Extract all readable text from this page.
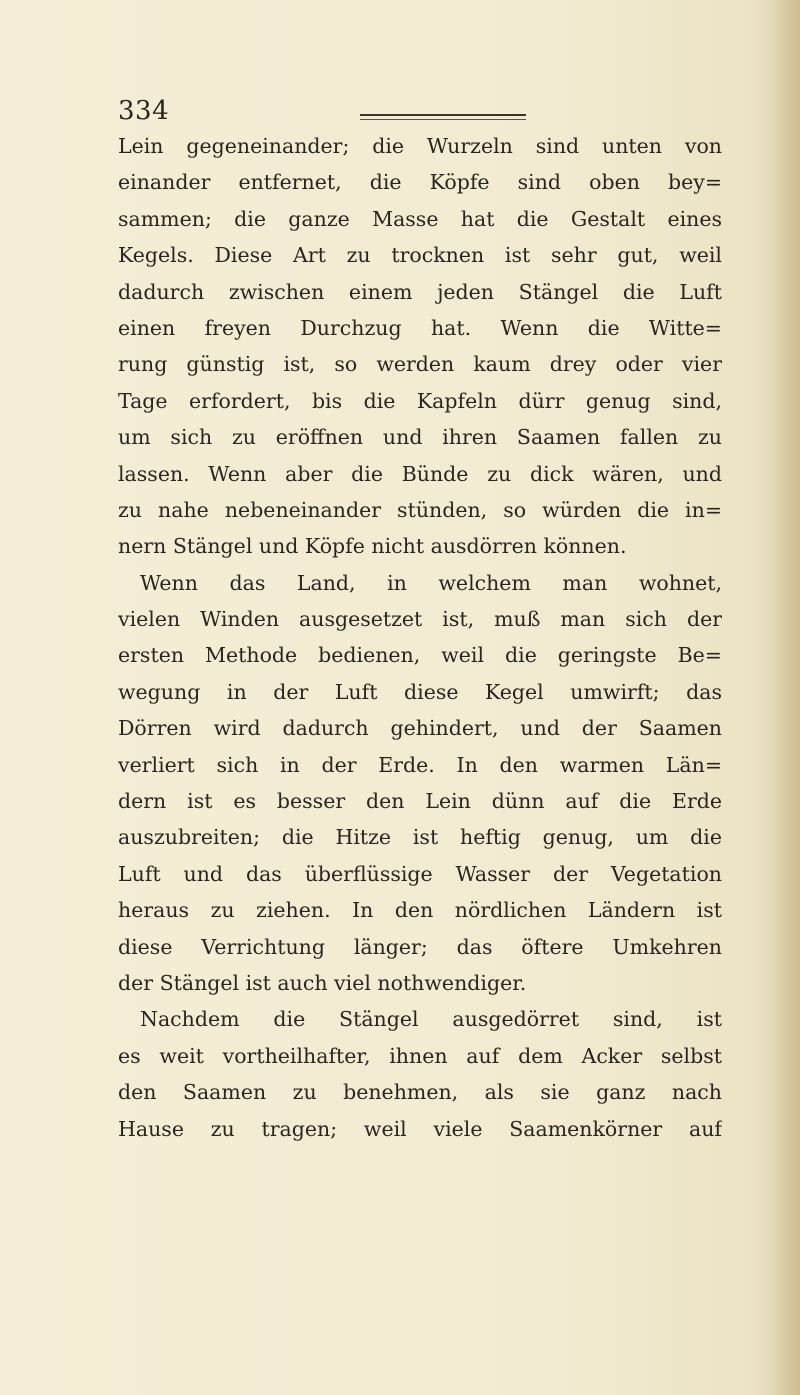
334
Lein gegeneinander; die Wurzeln sind unten von
einander entfernet, die Köpfe sind oben bey=
sammen; die ganze Masse hat die Gestalt eines
Kegels. Diese Art zu trocknen ist sehr gut, weil
dadurch zwischen einem jeden Stängel die Luft
einen freyen Durchzug hat. Wenn die Witte=
rung günstig ist, so werden kaum drey oder vier
Tage erfordert, bis die Kapfeln dürr genug sind,
um sich zu eröffnen und ihren Saamen fallen zu
lassen. Wenn aber die Bünde zu dick wären, und
zu nahe nebeneinander stünden, so würden die in=
nern Stängel und Köpfe nicht ausdörren können.
Wenn das Land, in welchem man wohnet,
vielen Winden ausgesetzet ist, muß man sich der
ersten Methode bedienen, weil die geringste Be=
wegung in der Luft diese Kegel umwirft; das
Dörren wird dadurch gehindert, und der Saamen
verliert sich in der Erde. In den warmen Län=
dern ist es besser den Lein dünn auf die Erde
auszubreiten; die Hitze ist heftig genug, um die
Luft und das überflüssige Wasser der Vegetation
heraus zu ziehen. In den nördlichen Ländern ist
diese Verrichtung länger; das öftere Umkehren
der Stängel ist auch viel nothwendiger.
Nachdem die Stängel ausgedörret sind, ist
es weit vortheilhafter, ihnen auf dem Acker selbst
den Saamen zu benehmen, als sie ganz nach
Hause zu tragen; weil viele Saamenkörner auf
